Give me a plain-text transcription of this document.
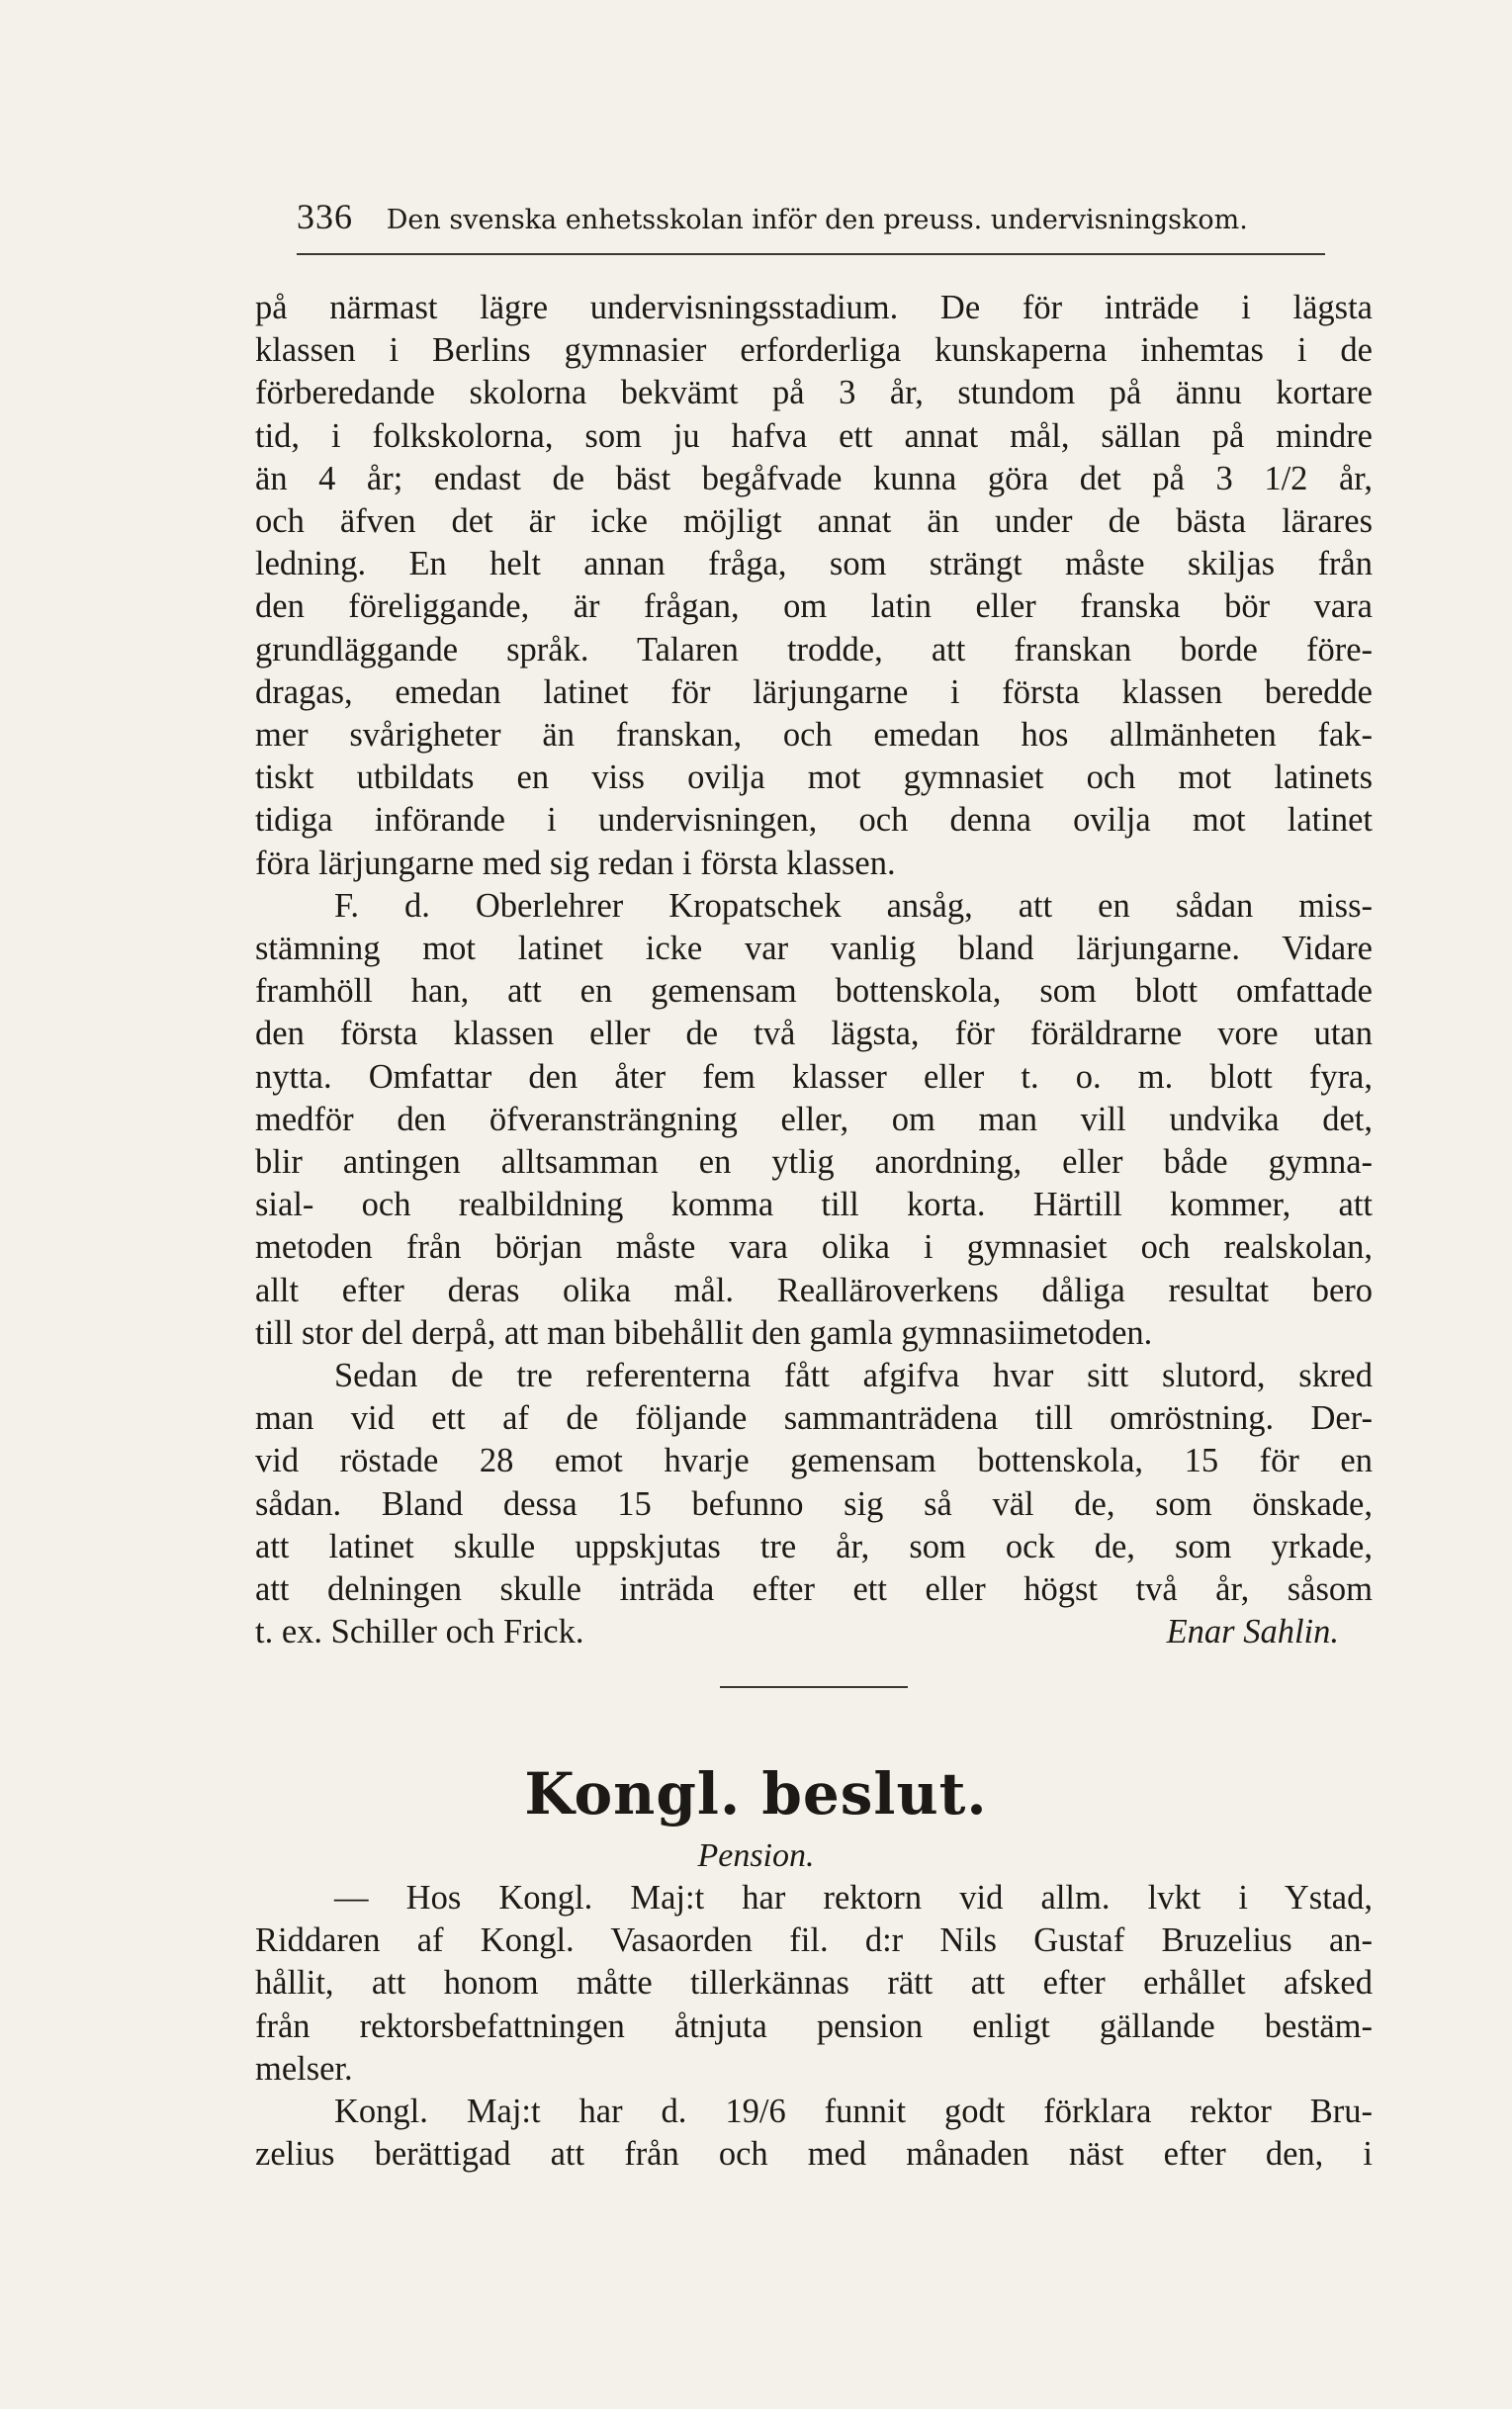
336 Den svenska enhetsskolan inför den preuss. undervisningskom.
på närmast lägre undervisningsstadium. De för inträde i lägsta
klassen i Berlins gymnasier erforderliga kunskaperna inhemtas i de
förberedande skolorna bekvämt på 3 år, stundom på ännu kortare
tid, i folkskolorna, som ju hafva ett annat mål, sällan på mindre
än 4 år; endast de bäst begåfvade kunna göra det på 3 1/2 år,
och äfven det är icke möjligt annat än under de bästa lärares
ledning. En helt annan fråga, som strängt måste skiljas från
den föreliggande, är frågan, om latin eller franska bör vara
grundläggande språk. Talaren trodde, att franskan borde före-
dragas, emedan latinet för lärjungarne i första klassen beredde
mer svårigheter än franskan, och emedan hos allmänheten fak-
tiskt utbildats en viss ovilja mot gymnasiet och mot latinets
tidiga införande i undervisningen, och denna ovilja mot latinet
föra lärjungarne med sig redan i första klassen.
F. d. Oberlehrer Kropatschek ansåg, att en sådan miss-
stämning mot latinet icke var vanlig bland lärjungarne. Vidare
framhöll han, att en gemensam bottenskola, som blott omfattade
den första klassen eller de två lägsta, för föräldrarne vore utan
nytta. Omfattar den åter fem klasser eller t. o. m. blott fyra,
medför den öfveransträngning eller, om man vill undvika det,
blir antingen alltsamman en ytlig anordning, eller både gymna-
sial- och realbildning komma till korta. Härtill kommer, att
metoden från början måste vara olika i gymnasiet och realskolan,
allt efter deras olika mål. Realläroverkens dåliga resultat bero
till stor del derpå, att man bibehållit den gamla gymnasiimetoden.
Sedan de tre referenterna fått afgifva hvar sitt slutord, skred
man vid ett af de följande sammanträdena till omröstning. Der-
vid röstade 28 emot hvarje gemensam bottenskola, 15 för en
sådan. Bland dessa 15 befunno sig så väl de, som önskade,
att latinet skulle uppskjutas tre år, som ock de, som yrkade,
att delningen skulle inträda efter ett eller högst två år, såsom
t. ex. Schiller och Frick.	Enar Sahlin.
Kongl. beslut.
Pension.
— Hos Kongl. Maj:t har rektorn vid allm. lvkt i Ystad,
Riddaren af Kongl. Vasaorden fil. d:r Nils Gustaf Bruzelius an-
hållit, att honom måtte tillerkännas rätt att efter erhållet afsked
från rektorsbefattningen åtnjuta pension enligt gällande bestäm-
melser.
Kongl. Maj:t har d. 19/6 funnit godt förklara rektor Bru-
zelius berättigad att från och med månaden näst efter den, i
